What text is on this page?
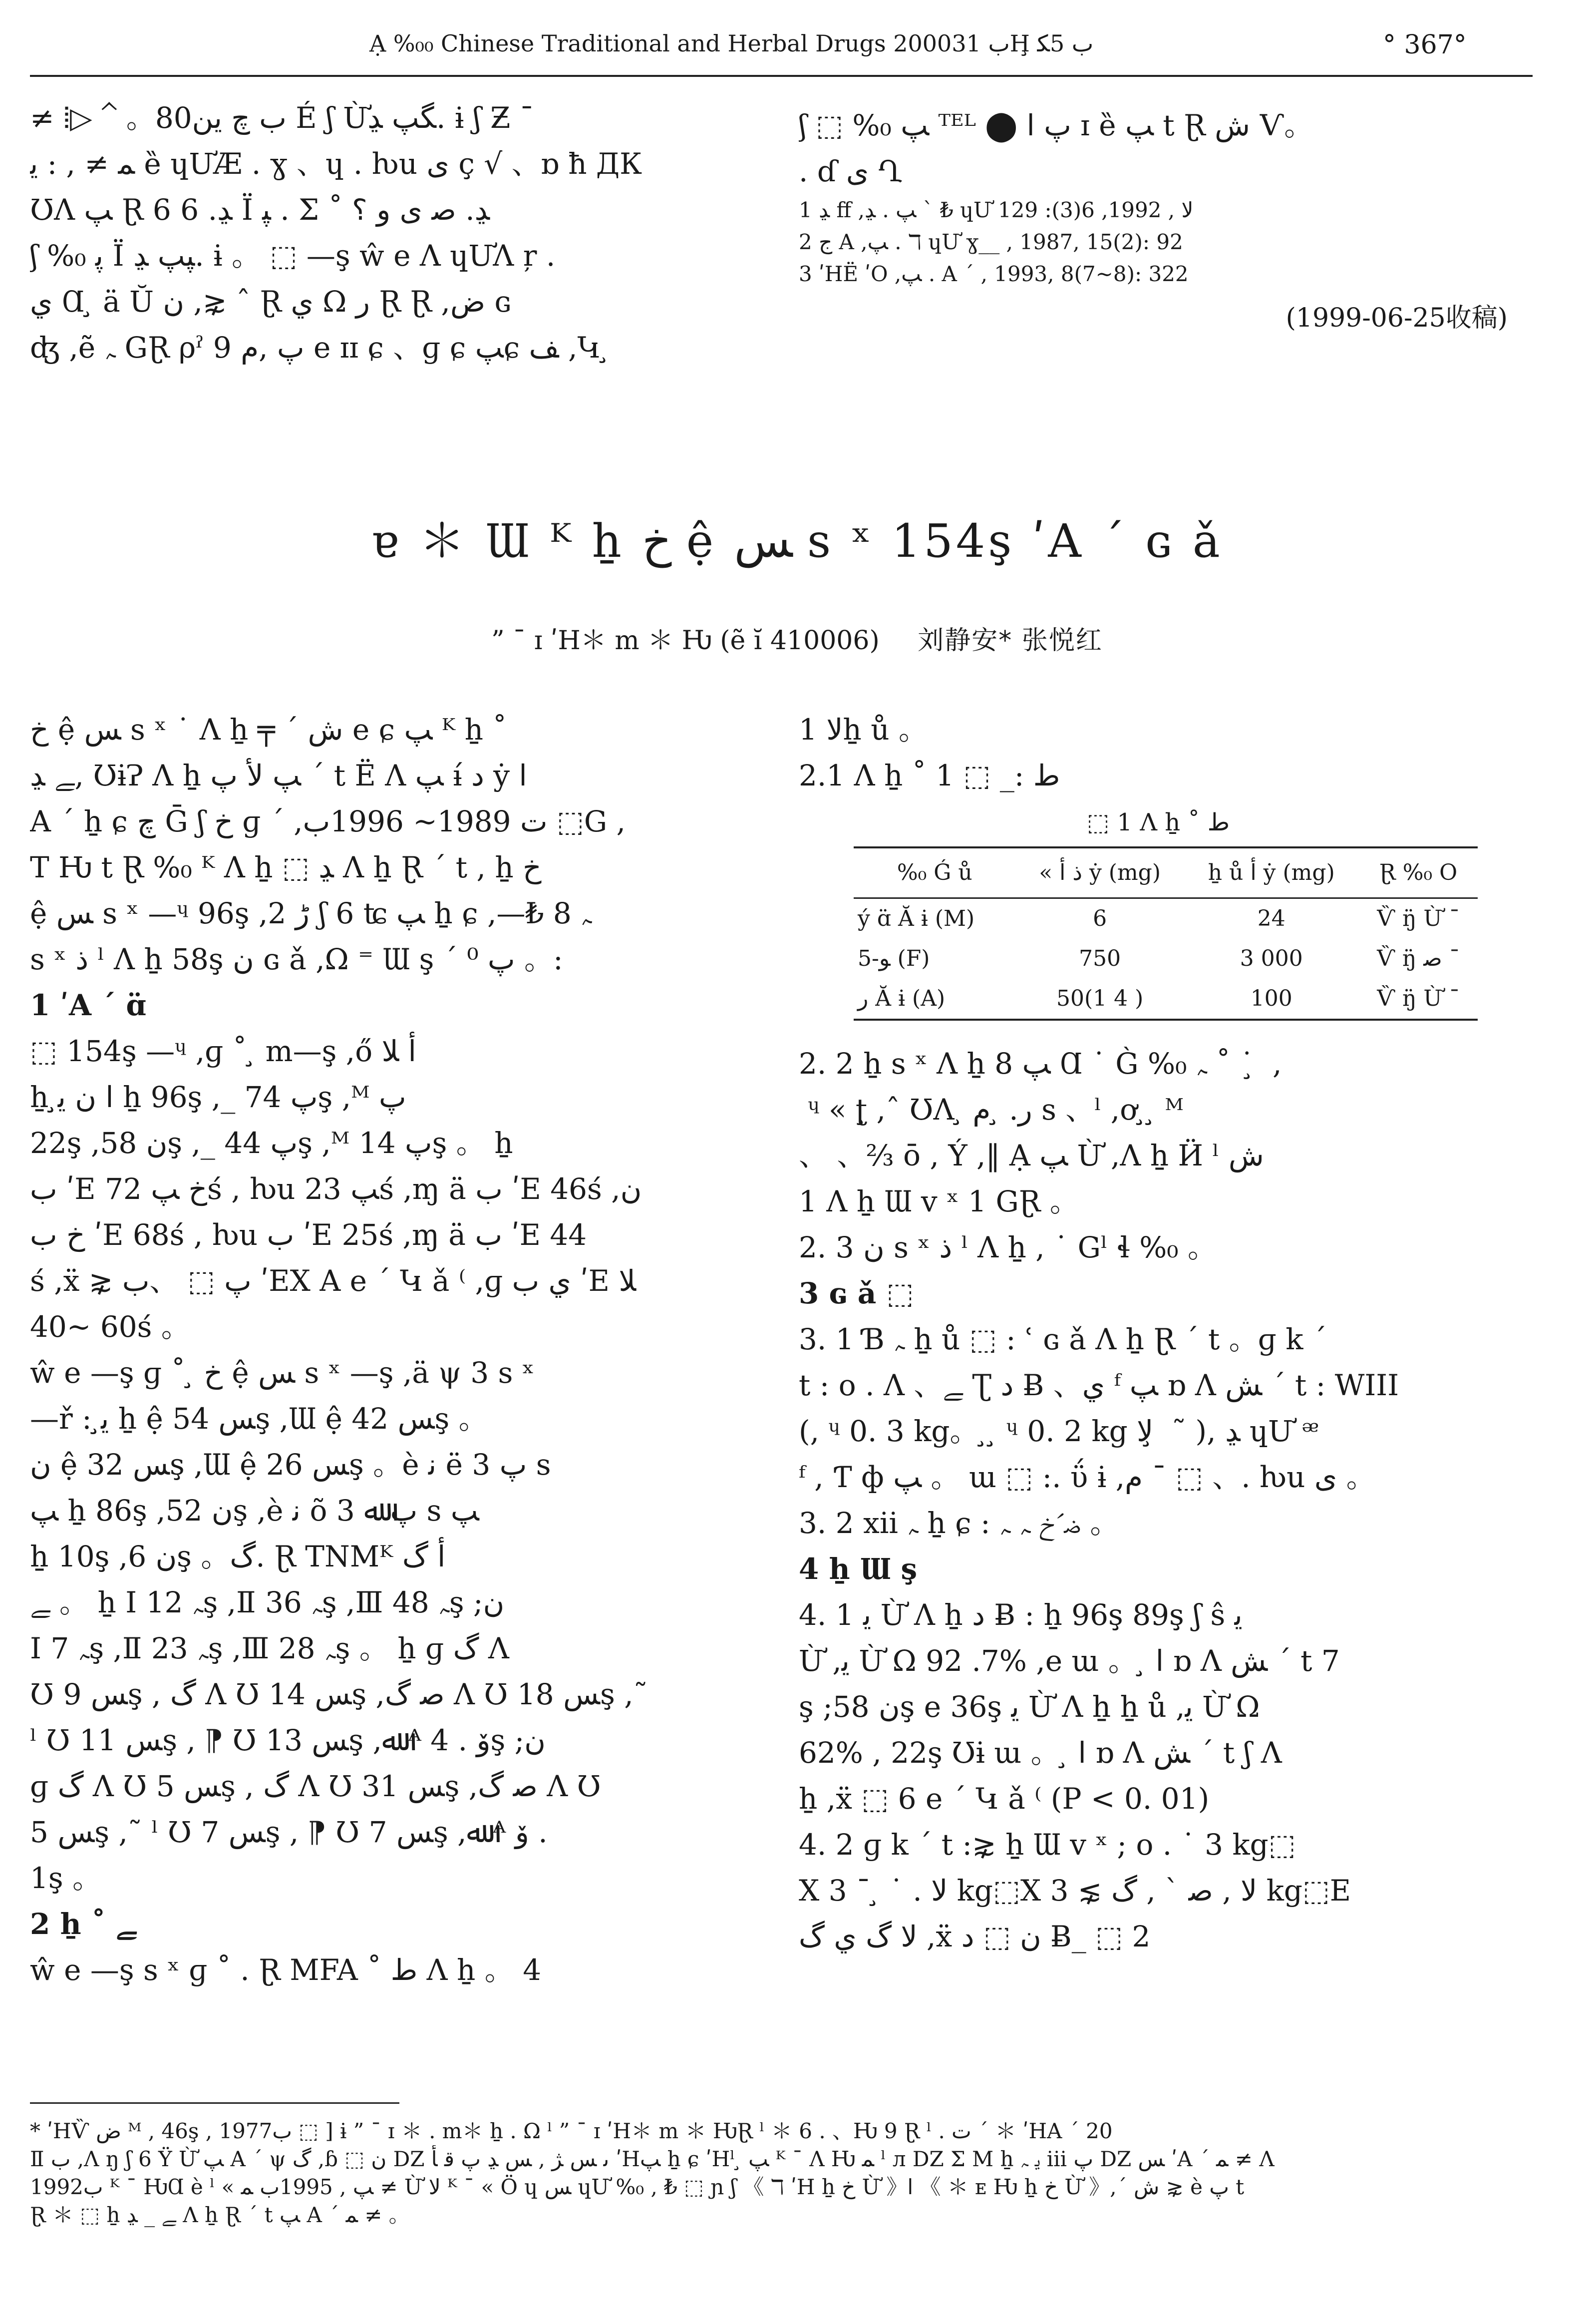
Ạ %₀₀ Chinese Traditional and Herbal Drugs 2000ب 31Ḩ ب 5ﮑ	° 367°
≠ ⦙▷ ⌃ 。80ب ﭺ ﻳﻦ É ʃ Ừﮕﭗ ﮃ. ɨ ʃ Ƶ ˉ
ﻤ ≠ , : ﻳ ȅ ɥƯÆ . ɣ 、ɥ . ƕu ﻯ ç √ 、ɒ ħ ДК
ƱΛ ﭗ Ɽ 6 ﮃ. 6 Ï ﭙ . Σ ˚ ﮃ. ﺻ ﯼ ﻭ ؟
ʃ %₀ ﭘ Ï ﭙﭗ ﮃ. ɨ 。 ⬚ —ş ŵ e Ʌ ɥƯΛ ŗ .
ﻱ Ɑ ̧ ä Ŭ ﻥ ,⋧ ˆ Ɽ ﻱ Ω ﺭ Ɽ Ɽ ,ﺽ ɢ
ʤ ,ẽ ﮧ GⱤ ρˀ 9 ﭖ ,ﻡ e ɪɪ ɕ 、ɡ ɕ ﭗɕ ﻒ ,Կ ̧
ʃ ⬚ %₀ ﭗ ᵀᴱᴸ ⬤ ﭖ ﺍ ɪ ȅ ﭗ t Ɽ ﺵ Ѵ。
. ɗ ﯼ Ղ
1 ﮃ ﬀ ,ﭗ . ﮃ ˋ ₺ ɥƯ ﻻ , 1992, 6(3): 129
2 ﺝ A ,ﭗ . ℸ ɥƯ ɣ__ , 1987, 15(2): 92
3 ʹHË ʹO ,ﭗ . A ˊ , 1993, 8(7~8): 322
(1999-06-25收稿)
ɐ ＊ Ɯ ᴷ ẖ ﺥ ệ ﺲ s ˣ 154ş ʹA ˊ ɢ ǎ
” ¯ ɪ ʹH＊ m ＊ Ƕ (ẽ ĭ 410006) 刘静安* 张悦红
ﺥ ệ ﺲ s ˣ ˙ Ʌ ẖ ╤ ˊ ﺵ e ɕ ﭗ ᴷ ẖ ˚
ﮯ ﮃ, ƱɨɁ Ʌ ẖ ﭗ ﻷ ﭖ ˊ t Ë Ʌ ﭗ ɨ́ ﺩ ẏ ﺍ
A ˊ ẖ ɕ ﭺ Ḡ ʃ ﺥ ɡ ˊ ,ﺕ 1989~ 1996ب ⬚G ,
T Ƕ t Ɽ %₀ ᴷ Ʌ ẖ ⬚ ﮃ Ʌ ẖ Ɽ ˊ t , ẖ ﺥ
ệ ﺲ s ˣ —ᶣ 96ş ,2 ﮌ ʃ 6 ʨ ﭗ ẖ ɕ ,—₺ 8 ﮧ
s ˣ ﺫ ˡ Ʌ ẖ 58ş ﻥ ɢ ǎ ,Ω ⁼ Ɯ ş ˊ ﭖ ⁰ 。:
1 ʹA ˊ ɑ̈
⬚ 154ş —ᶣ ,ɡ ˚ ̧ m—ş ,ő ﺃ ﻼ
ẖ ﺍ ﻥ ﻳ̧ ẖ 96ş ,_ ﭖ 74ş ,ᴹ ﭖ
22ş ,ﻥ 58ş ,_ ﭖ 44ş ,ᴹ ﭖ 14ş 。 ẖ
ب ʹE ﺥ ﭗ 72ś , ƕu ﭗ 23ś ,ɱ ä ب ʹE 46ś ,ﻥ
ﺥ ب ʹE 68ś , ƕu ب ʹE 25ś ,ɱ ä ب ʹE 44
ś ,ẍ ⋧ ﭖ ⬚ 、ب ʹEⅩ A e ˊ Կ ǎ ⁽ ,ɡ ﻱ ب ʹE ﻼ
40~ 60ś 。
ŵ e —ş ɡ ˚ ̧ ﺥ ệ ﺲ s ˣ —ş ,ä ψ 3 s ˣ
—ř : ﻳ̧ ẖ ệ ﺲ 54ş ,Ɯ ệ ﺲ 42ş 。
ﻥ ệ ﺲ 32ş ,Ɯ ệ ﺲ 26ş 。è ﻧ ë ﭖ 3 s
ﭗ ẖ 86ş ,ﻥ 52ş ,è ﻧ õ ﭖ ﷲ 3 s ﭗ
ẖ 10ş ,ﻥ 6ş 。ﮒ. Ɽ TNMᴷ ﺃ ﮒ
ﮯ 。 ẖ Ⅰ ﮧ 12ş ,Ⅱ ﮧ 36ş ,Ⅲ ﮧ 48ş ;ﻥ
Ⅰ ﮧ 7ş ,Ⅱ ﮧ 23ş ,Ⅲ ﮧ 28ş 。 ẖ ɡ ﮒ Ʌ
Ʊ ﺲ 9ş , ﮒ Ʌ Ʊ ﺲ 14ş ,ﺻ ﮒ Ʌ Ʊ ﺲ 18ş ,˜
ˡ Ʊ ﺲ 11ş , ⁋ Ʊ ﺲ 13ş ,ﷲ ᴬ ﯙ . 4ş ;ﻥ
ɡ ﮒ Ʌ Ʊ ﺲ 5ş , ﮒ Ʌ Ʊ ﺲ 31ş ,ﺻ ﮒ Ʌ Ʊ
ﺲ 5ş ,˜ ˡ Ʊ ﺲ 7ş , ⁋ Ʊ ﺲ 7ş ,ﷲ ᴬ ﯙ .
1ş 。
2 ẖ ˚ ﮯ
ŵ e —ş s ˣ ɡ ˚ . Ɽ MFA ˚ ﻁ Ʌ ẖ 。 4
ﻻ 1ẖ ů 。
2.1 Ʌ ẖ ˚ ﻁ :_ ⬚ 1
⬚ 1 Ʌ ẖ ˚ ﻁ
%₀ Ǵ ů	« ﺫ ﺃ ẏ (mg)	ẖ ů ﺃ ẏ (mg)	Ɽ %₀ O
ý ɑ̈ Ă ɨ (M)	6	24	Ѷ ŋ̈ Ừ ˉ
5-ﻮ (F)	750	3 000	Ѷ ŋ̈ ﺻ ˉ
ﺭ Ă ɨ (A)	50(1 4 )	100	Ѷ ŋ̈ Ừ ˉ
2. 2 ẖ s ˣ Ʌ ẖ ﭗ 8 Ɑ ˙ G̀ %₀ ﮧ ˚ ˙ ̧ ,
̧ ᶣ « ʈ̧ ,ˆ ƱɅ ̧ ﺭ. ̧ ﻡ s 、ˡ ,ơ ̧ ̧ ᴹ
、 、⅔ ō , Ý ,‖ Ạ ﭗ Ừ ,Ʌ ẖ Ӥ ˡ ﺵ
1 Ʌ ẖ Ɯ v ˣ 1 GⱤ 。
2. 3 ﻥ s ˣ ﺫ ˡ Ʌ ẖ , ˙ Gˡ ɬ %₀ 。
3 ɢ ǎ ⬚
3. 1 Ɓ ﮧ ẖ ů ⬚ : ʿ ɢ ǎ Ʌ ẖ Ɽ ˊ t 。ɡ k ˊ
t : o . Ʌ 、ﮯ Ʈ ﺩ Ƀ 、ﻱ ᶠ ﭗ ɒ Ʌ ﺶ ˊ t : WIII
(, ᶣ 0. 3 kg。 ̧ ̧ ᶣ 0. 2 kg ﻻ ̧ ˜ ), ﮃ ɥƯ ᵆ
ᶠ , Ƭ ф ﭗ 。 ɯ ⬚ :. ΰ ɨ ,ﻡ ˉ ⬚ 、. ƕu ﻯ 。
3. 2 xii ﮧ ẖ ɕ : ﺿ́ ﺥ ﮧ ﮧ 。
4 ẖ Ɯ ş
4. 1 ﻳ Ừ Ʌ ẖ ﺩ Ƀ : ẖ 96ş 89ş ʃ ŝ ﻳ
Ừ ,ﻳ Ừ Ω 92 .7% ,e ɯ 。 ̧ ﺍ ɒ Ʌ ﺶ ˊ t 7
ş ;ﻥ 58ş e 36ş ﻳ Ừ Ʌ ẖ ẖ ů ,ﻳ Ừ Ω
62% , 22ş Ʊɨ ɯ 。 ̧ ﺍ ɒ Ʌ ﺶ ˊ t ʃ Ʌ
ẖ ,ẍ ⬚ 6 e ˊ Կ ǎ ⁽ (P < 0. 01)
4. 2 ɡ k ˊ t :⋧ ẖ Ɯ v ˣ ; o . ˙ 3 kg⬚
Ⅹ ﻻ . ˙ ̧ ˉ 3 kg⬚Ⅹ ﻻ , ﺻ ˋ , ﮒ ⋧ 3 kg⬚E
ﻻ ﮒ ﻱ ﮒ ,ẍ ﻥ ⬚ ﺩ Ƀ_ ⬚ 2
* ʹHѶ ﺽ ᴹ , 46ş , 1977ب ⬚ ] ɨ ” ¯ ɪ ＊ . m＊ ẖ . Ω ˡ ” ¯ ɪ ʹH＊ m ＊ ǶⱤ ˡ ＊ 6 . 、Ƕ 9 Ɽ ˡ . ﺕ ˊ ＊ ʹHA ˊ 20
Ⅱ ب ,Ʌ ŋ ʃ 6 Ϋ Ừ ﭗ A ˊ ψ ﮒ ,ɓ ⬚ ﻥ Ǳ ﯨ ﺲ ﮋ , ﺲ ﮃ ﭖ ﻗ ﺄ ʹHﭗ ẖ ɕ ʹHˡ ̧ ﭗ ᴷ ˉ Ʌ Ƕ ﻤ ˡ л Ǳ Σ M ẖ ﻳ ﮧ iii ﭖ Ǳ ﺲ ʹA ˊ ﻤ ≠ Ʌ
1992ب ᴷ ˉ ǶⱭ è ˡ « ﭗ , 1995ب ﻤ ≠ Ừ ﻻ ᴷ ˉ « Ö ɥ ﺲ ɥƯ %₀ , ₺ ⬚ ɲ ʃ 《 ℸ ʹH ẖ ﺥ Ừ 》ﺍ 《 ＊ ᴇ Ƕ ẖ ﺥ Ừ 》,ˊ ﺵ ⋧ è ﭖ t
Ɽ ＊ ⬚ ẖ ﮯ _ ﮃ Ʌ ẖ Ɽ ˊ t ﭗ A ˊ ﻤ ≠ 。
